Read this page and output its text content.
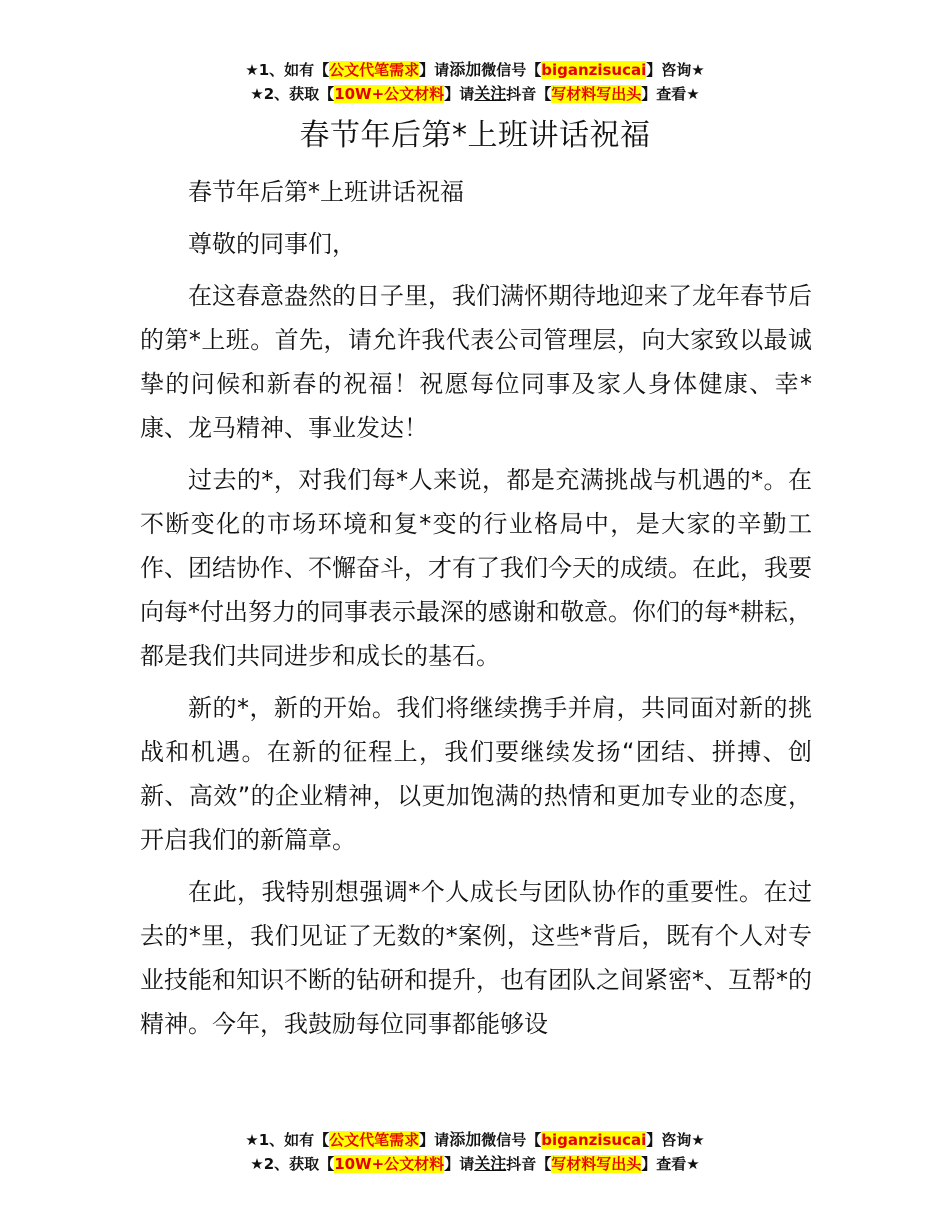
★1、如有【公文代笔需求】请添加微信号【biganzisucai】咨询★
★2、获取【10W+公文材料】请关注抖音【写材料写出头】查看★
春节年后第*上班讲话祝福

春节年后第*上班讲话祝福

尊敬的同事们，

在这春意盎然的日子里，我们满怀期待地迎来了龙年春节后的第*上班。首先，请允许我代表公司管理层，向大家致以最诚挚的问候和新春的祝福！祝愿每位同事及家人身体健康、幸*康、龙马精神、事业发达！

过去的*，对我们每*人来说，都是充满挑战与机遇的*。在不断变化的市场环境和复*变的行业格局中，是大家的辛勤工作、团结协作、不懈奋斗，才有了我们今天的成绩。在此，我要向每*付出努力的同事表示最深的感谢和敬意。你们的每*耕耘，都是我们共同进步和成长的基石。

新的*，新的开始。我们将继续携手并肩，共同面对新的挑战和机遇。在新的征程上，我们要继续发扬“团结、拼搏、创新、高效”的企业精神，以更加饱满的热情和更加专业的态度，开启我们的新篇章。

在此，我特别想强调*个人成长与团队协作的重要性。在过去的*里，我们见证了无数的*案例，这些*背后，既有个人对专业技能和知识不断的钻研和提升，也有团队之间紧密*、互帮*的精神。今年，我鼓励每位同事都能够设

★1、如有【公文代笔需求】请添加微信号【biganzisucai】咨询★
★2、获取【10W+公文材料】请关注抖音【写材料写出头】查看★
